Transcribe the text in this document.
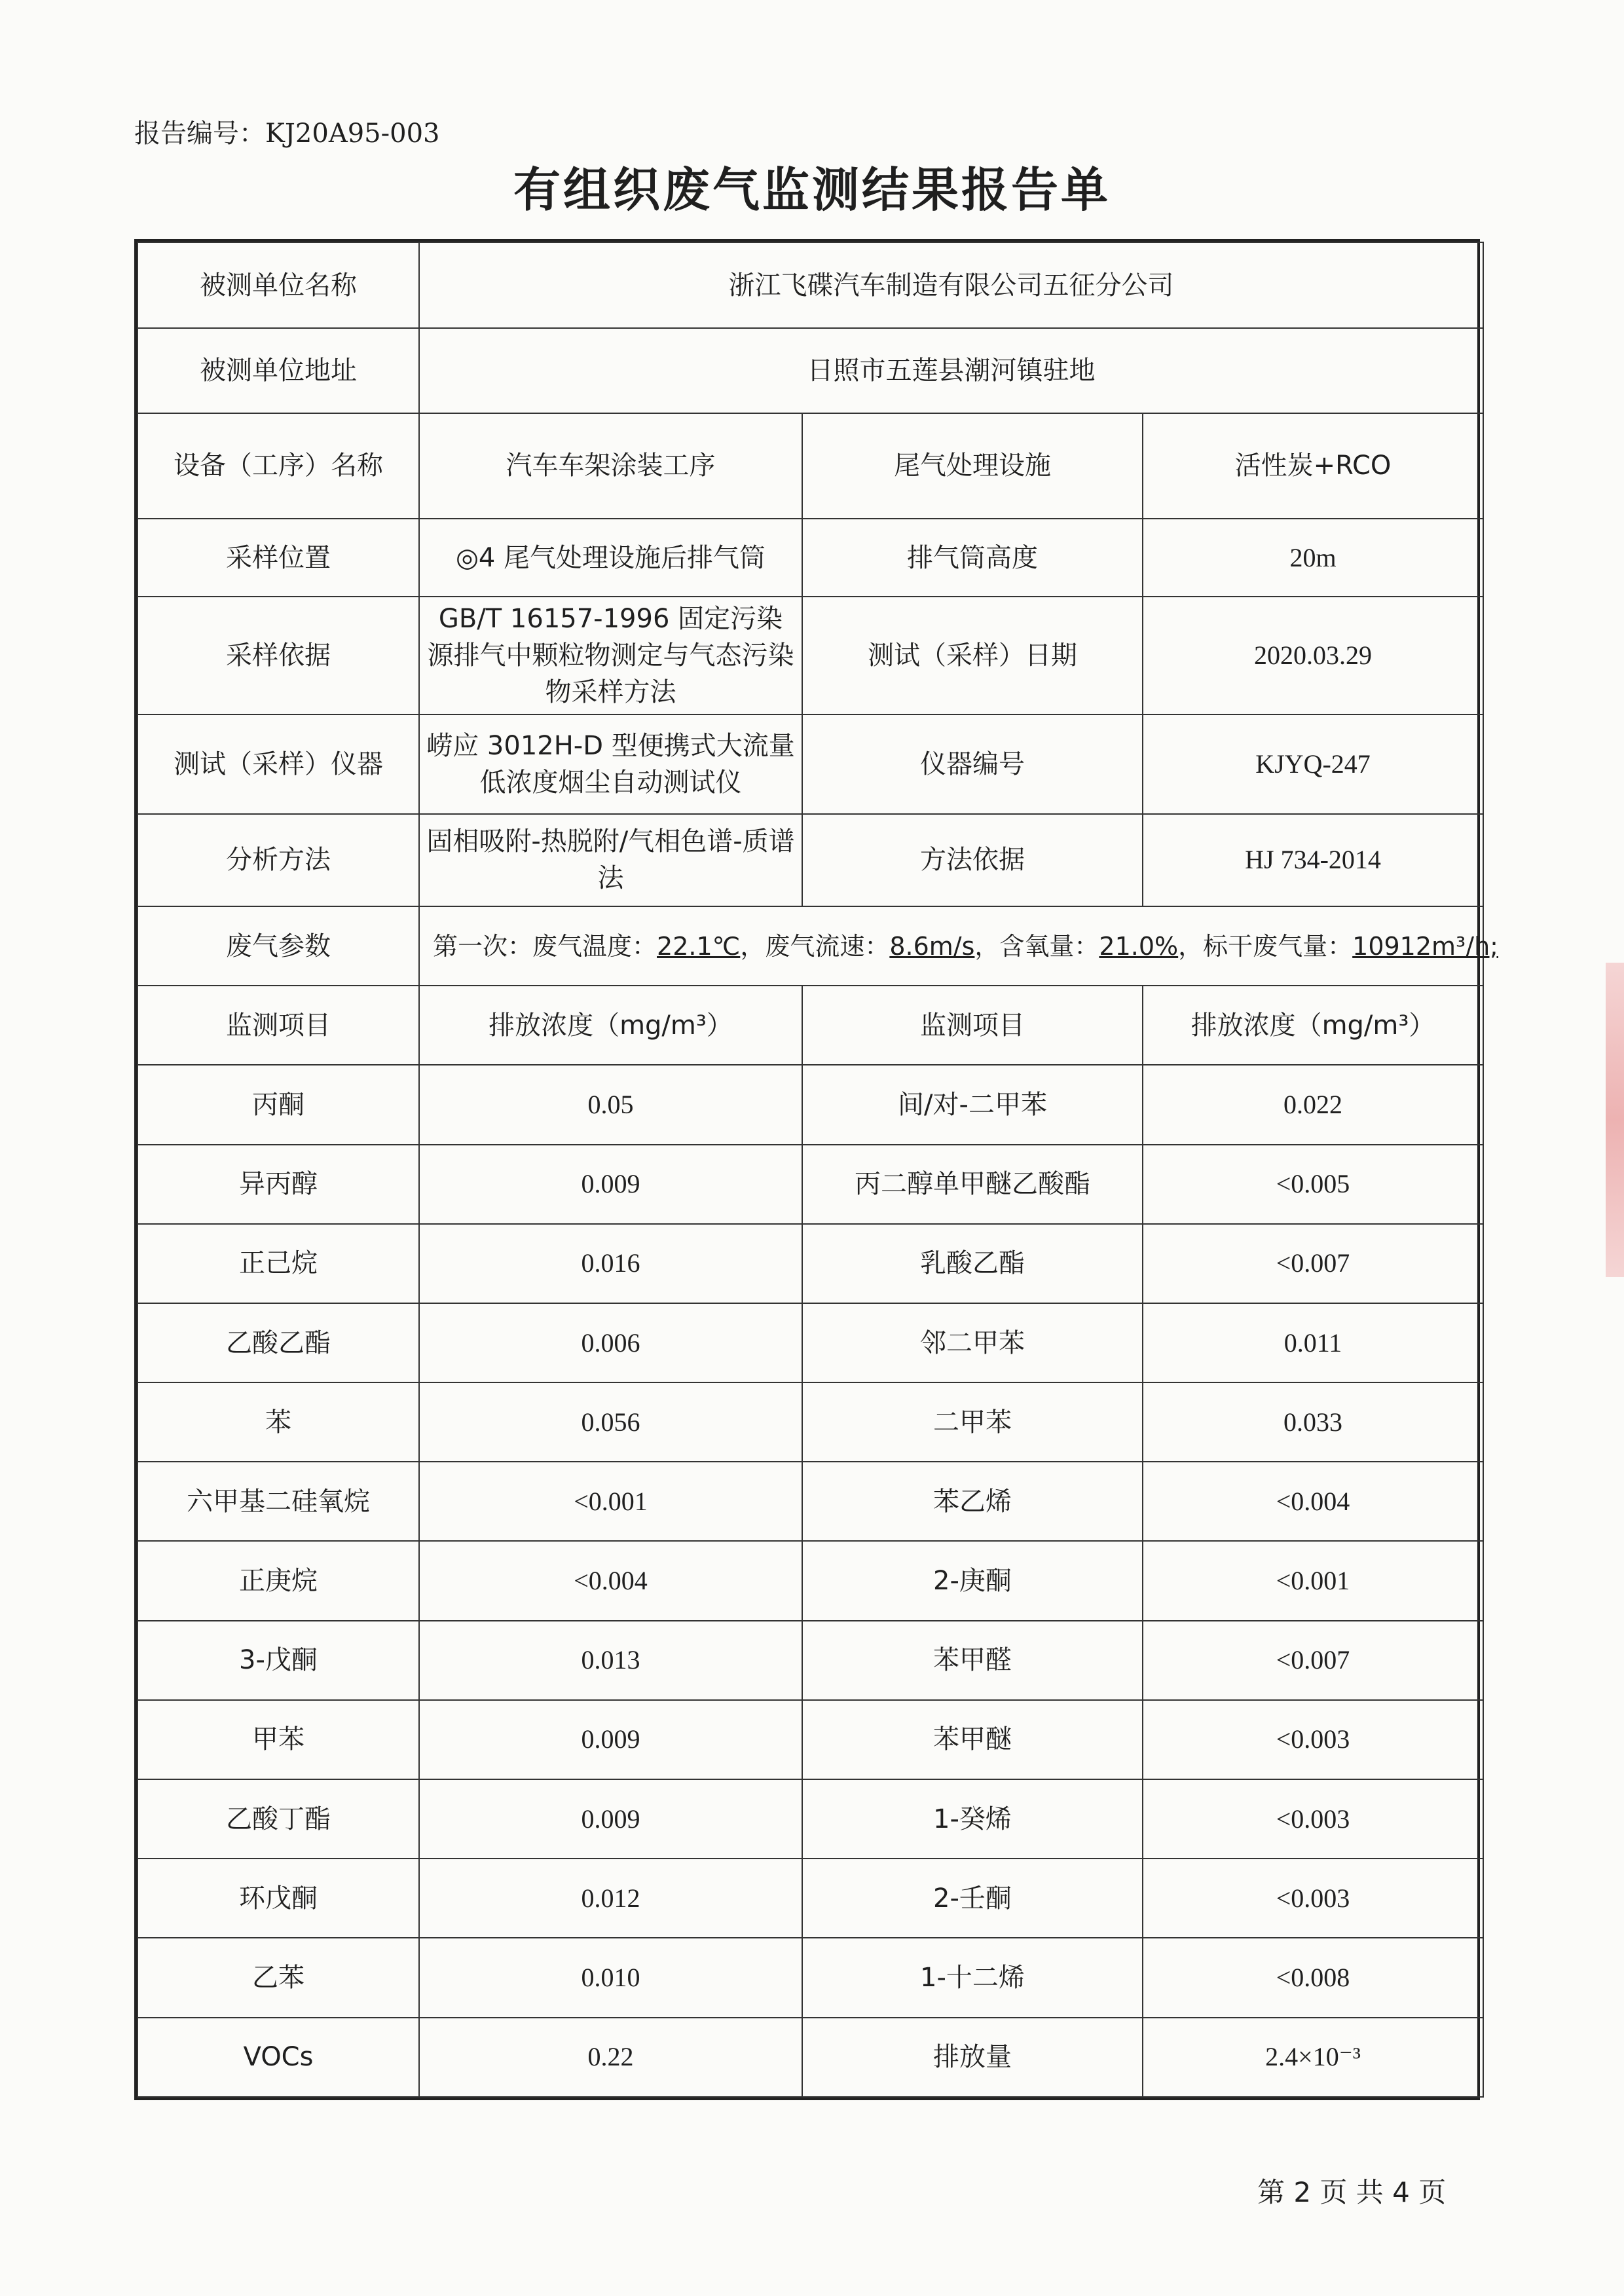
报告编号：KJ20A95-003
有组织废气监测结果报告单
被测单位名称	浙江飞碟汽车制造有限公司五征分公司		
被测单位地址	日照市五莲县潮河镇驻地		
设备（工序）名称	汽车车架涂装工序	尾气处理设施	活性炭+RCO
采样位置	◎4 尾气处理设施后排气筒	排气筒高度	20m
采样依据	GB/T 16157-1996 固定污染源排气中颗粒物测定与气态污染物采样方法	测试（采样）日期	2020.03.29
测试（采样）仪器	崂应 3012H-D 型便携式大流量低浓度烟尘自动测试仪	仪器编号	KJYQ-247
分析方法	固相吸附-热脱附/气相色谱-质谱法	方法依据	HJ 734-2014
废气参数	第一次：废气温度：22.1℃，废气流速：8.6m/s，含氧量：21.0%，标干废气量：10912m³/h;		
监测项目	排放浓度（mg/m³）	监测项目	排放浓度（mg/m³）
丙酮	0.05	间/对-二甲苯	0.022
异丙醇	0.009	丙二醇单甲醚乙酸酯	<0.005
正己烷	0.016	乳酸乙酯	<0.007
乙酸乙酯	0.006	邻二甲苯	0.011
苯	0.056	二甲苯	0.033
六甲基二硅氧烷	<0.001	苯乙烯	<0.004
正庚烷	<0.004	2-庚酮	<0.001
3-戊酮	0.013	苯甲醛	<0.007
甲苯	0.009	苯甲醚	<0.003
乙酸丁酯	0.009	1-癸烯	<0.003
环戊酮	0.012	2-壬酮	<0.003
乙苯	0.010	1-十二烯	<0.008
VOCs	0.22	排放量	2.4×10⁻³
第 2 页 共 4 页
